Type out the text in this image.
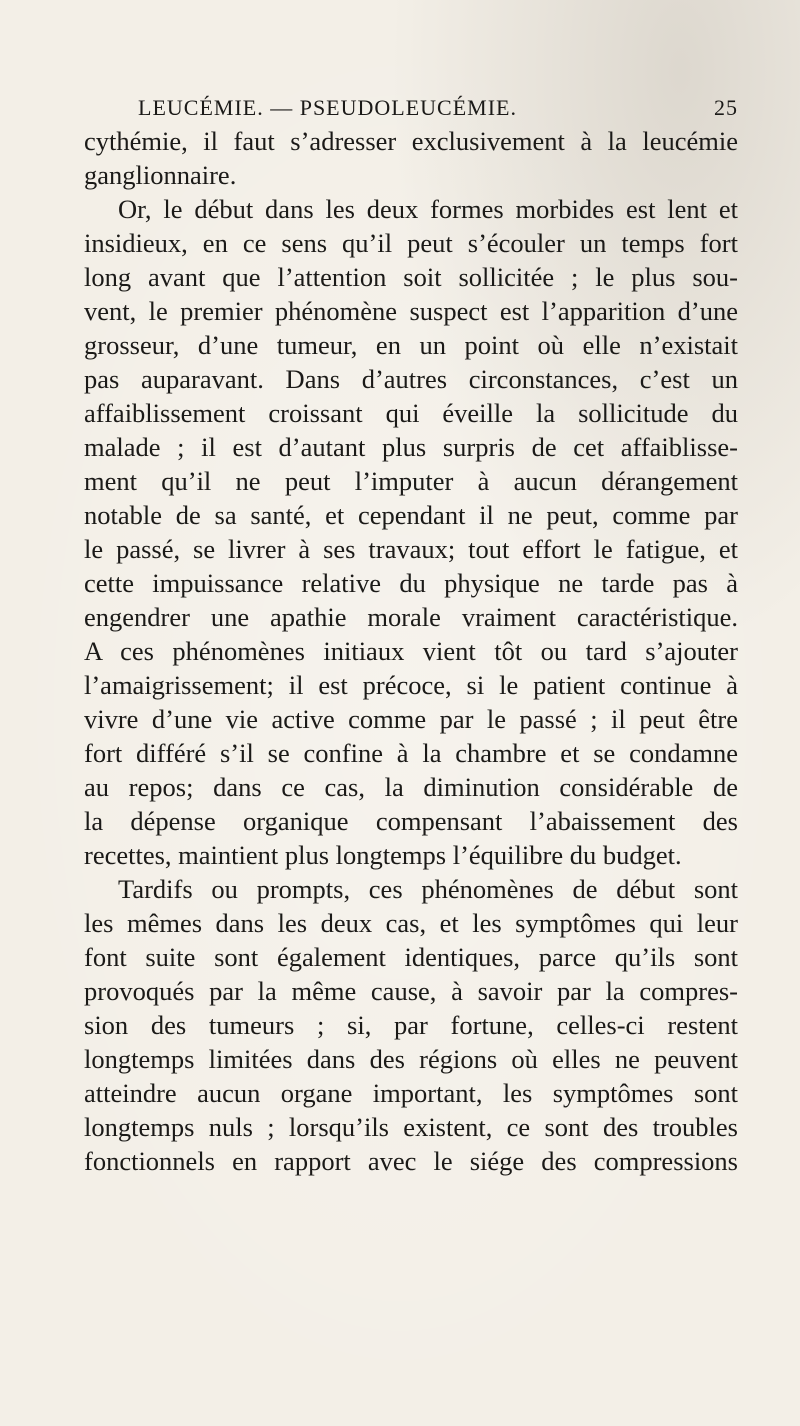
LEUCÉMIE. — PSEUDOLEUCÉMIE.	25
cythémie, il faut s’adresser exclusivement à la leucémie
ganglionnaire.
Or, le début dans les deux formes morbides est lent et
insidieux, en ce sens qu’il peut s’écouler un temps fort
long avant que l’attention soit sollicitée ; le plus sou-
vent, le premier phénomène suspect est l’apparition d’une
grosseur, d’une tumeur, en un point où elle n’existait
pas auparavant. Dans d’autres circonstances, c’est un
affaiblissement croissant qui éveille la sollicitude du
malade ; il est d’autant plus surpris de cet affaiblisse-
ment qu’il ne peut l’imputer à aucun dérangement
notable de sa santé, et cependant il ne peut, comme par
le passé, se livrer à ses travaux; tout effort le fatigue, et
cette impuissance relative du physique ne tarde pas à
engendrer une apathie morale vraiment caractéristique.
A ces phénomènes initiaux vient tôt ou tard s’ajouter
l’amaigrissement; il est précoce, si le patient continue à
vivre d’une vie active comme par le passé ; il peut être
fort différé s’il se confine à la chambre et se condamne
au repos; dans ce cas, la diminution considérable de
la dépense organique compensant l’abaissement des
recettes, maintient plus longtemps l’équilibre du budget.
Tardifs ou prompts, ces phénomènes de début sont
les mêmes dans les deux cas, et les symptômes qui leur
font suite sont également identiques, parce qu’ils sont
provoqués par la même cause, à savoir par la compres-
sion des tumeurs ; si, par fortune, celles-ci restent
longtemps limitées dans des régions où elles ne peuvent
atteindre aucun organe important, les symptômes sont
longtemps nuls ; lorsqu’ils existent, ce sont des troubles
fonctionnels en rapport avec le siége des compressions
